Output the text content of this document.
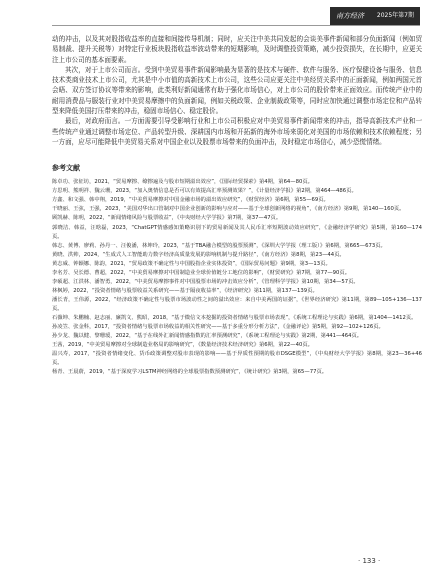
南方经济 2025年第7期

动的冲击，以及其对股指收益率的直接和间接传导机制；同时，应关注中美共同发起的会谈美事件新闻和部分负面新闻（例如贸易制裁、提升关税等）对特定行业板块股指收益率波动带来的短期影响，及时调整投资策略，减少投资损失，在长期中，应更关注上市公司的基本面要素。

其次，对于上市公司而言。受到中美贸易事件新闻影响最为显著的是技术与硬件、软件与服务、医疗保健设备与服务、信息技术类商业技术上市公司，尤其是中小市值的高新技术上市公司，这些公司应更关注中美经贸关系中的正面新闻，例如两国元首会晤、双方签订协议等带来的影响，此类利好新闻通常有助于强化市场信心，对上市公司的股价带来正面效应。而传统产业中的耐用消费品与服装行业对中美贸易摩擦中的负面新闻，例如关税政策、企业制裁政策等，同时应加快通过调整市场定位和产品转型来降低美国打压带来的冲击，稳固市场信心、稳定股价。

最后，对政府而言。一方面需要引导受影响行业和上市公司积极应对中美贸易事件新闻带来的冲击，指导高新技术产业和一些传统产业通过调整市场定位、产品转型升级、深耕国内市场和开拓新的海外市场来弱化对美国的市场依赖和技术依赖程度；另一方面，应尽可能降低中美贸易关系对中国企业以及股票市场带来的负面冲击，及时稳定市场信心，减少恐慌情绪。

参考文献

陈卓功、张征坊，2021，“贸易摩擦、缭擦遍及与股市短期溢出效应”，《国际经贸探索》第4期，第64—80页。

方思明、熊明祥、魏云珊，2023，“加入奥情信息是否可以有效提高汇率预测效果？”，《计量经济学报》第2期，第464—486页。

方鑫、和文强、韩中翔，2019，“中美贸易摩擦对中国金融市场的溢出效应研究”，《财贸经济》第6期，第55—69页。

干晓丽、王弦，王强，2023，“美国对华出口管制对中国企业创新的影响与应对——基于全球创新网络的视角”，《南方经济》第9期，第140—160页。

顾凯赫、陈明，2022，“新闻情绪风险与股票收益”，《中央财经大学学报》第7期，第37—47页。

郭晓洁、韩益，汪晗磊，2023，“ChatGPT情感感知策略识别下的贸易新闻及其人民币汇率短期波动效应研究”，《金融经济学研究》第5期，第160—174页。

韩志、黄博、廖莉、孙丹一、汪俊潘，林坤玲，2023，“基于TBA融合模型的股票预测”，《深圳大学学报（理工版）》第6期，第665—673页。

黄晓、洪帅，2024，“生成式人工智能助力数字经济高质量发展的影响机制与提升路径”，《南方经济》第8期，第23—44页。

黄志威、钟颖娜、陈韵，2021，“贸易政策不确定性与中国股指企业实体投资”，《国际贸易问题》第9期，第3—13页。

李名芳、吴长德、曹超，2022，“中美贸易摩擦对中国制造业全球价值链分工地位的影响”，《财贸研究》第7期，第77—90页。

李硕超、江洪林、潘智勇，2022，“中美贸易摩擦事件对中国股票市场的冲击效应分析”，《管理科学学报》第10期，第34—57页。

林枫婷，2022，“投资者情绪与股票收益关系研究——基于隔夜收益率”，《经济研究》第11期，第137—139页。

潘长青，王伟源，2022，“经济政策不确定性与股票市场波动性之间的溢出效应：来自中美两国的证据”，《世界经济研究》第11期，第89—105+136—137页。

石薇坤、朱鹏楠、赵志丽、廉凯文、熊昭，2018，“基于微信文本挖掘的投资者情绪与股票市场表现”，《系统工程理论与实践》第6期，第1404—1412页。

孙凌笠、张金科，2017，“投资者情绪与股票市场收益的相关性研究——基于多重分形分析方法”，《金融评论》第5期，第92—102+126页。

孙少龙、魏以健、黎珊瑗，2022，“基于在线外汇新闻情感指数的汇率预测研究”，《系统工程理论与实践》第2期，第441—464页。

王茜，2019，“中美贸易摩擦对全球制造业格局的影响研究”，《数量经济技术经济研究》第6期，第22—40页。

温兴寿，2017，“投资者情绪变化、货币政策调整对股市表现的影响——基于异质性预期的股市DSGE模型”，《中央财经大学学报》第8期，第23—36+46页。

杨青、王晨蔚，2019，“基于深度学习LSTM神经网络的全球股票指数预测研究”，《统计研究》第3期，第65—77页。

· 133 ·
